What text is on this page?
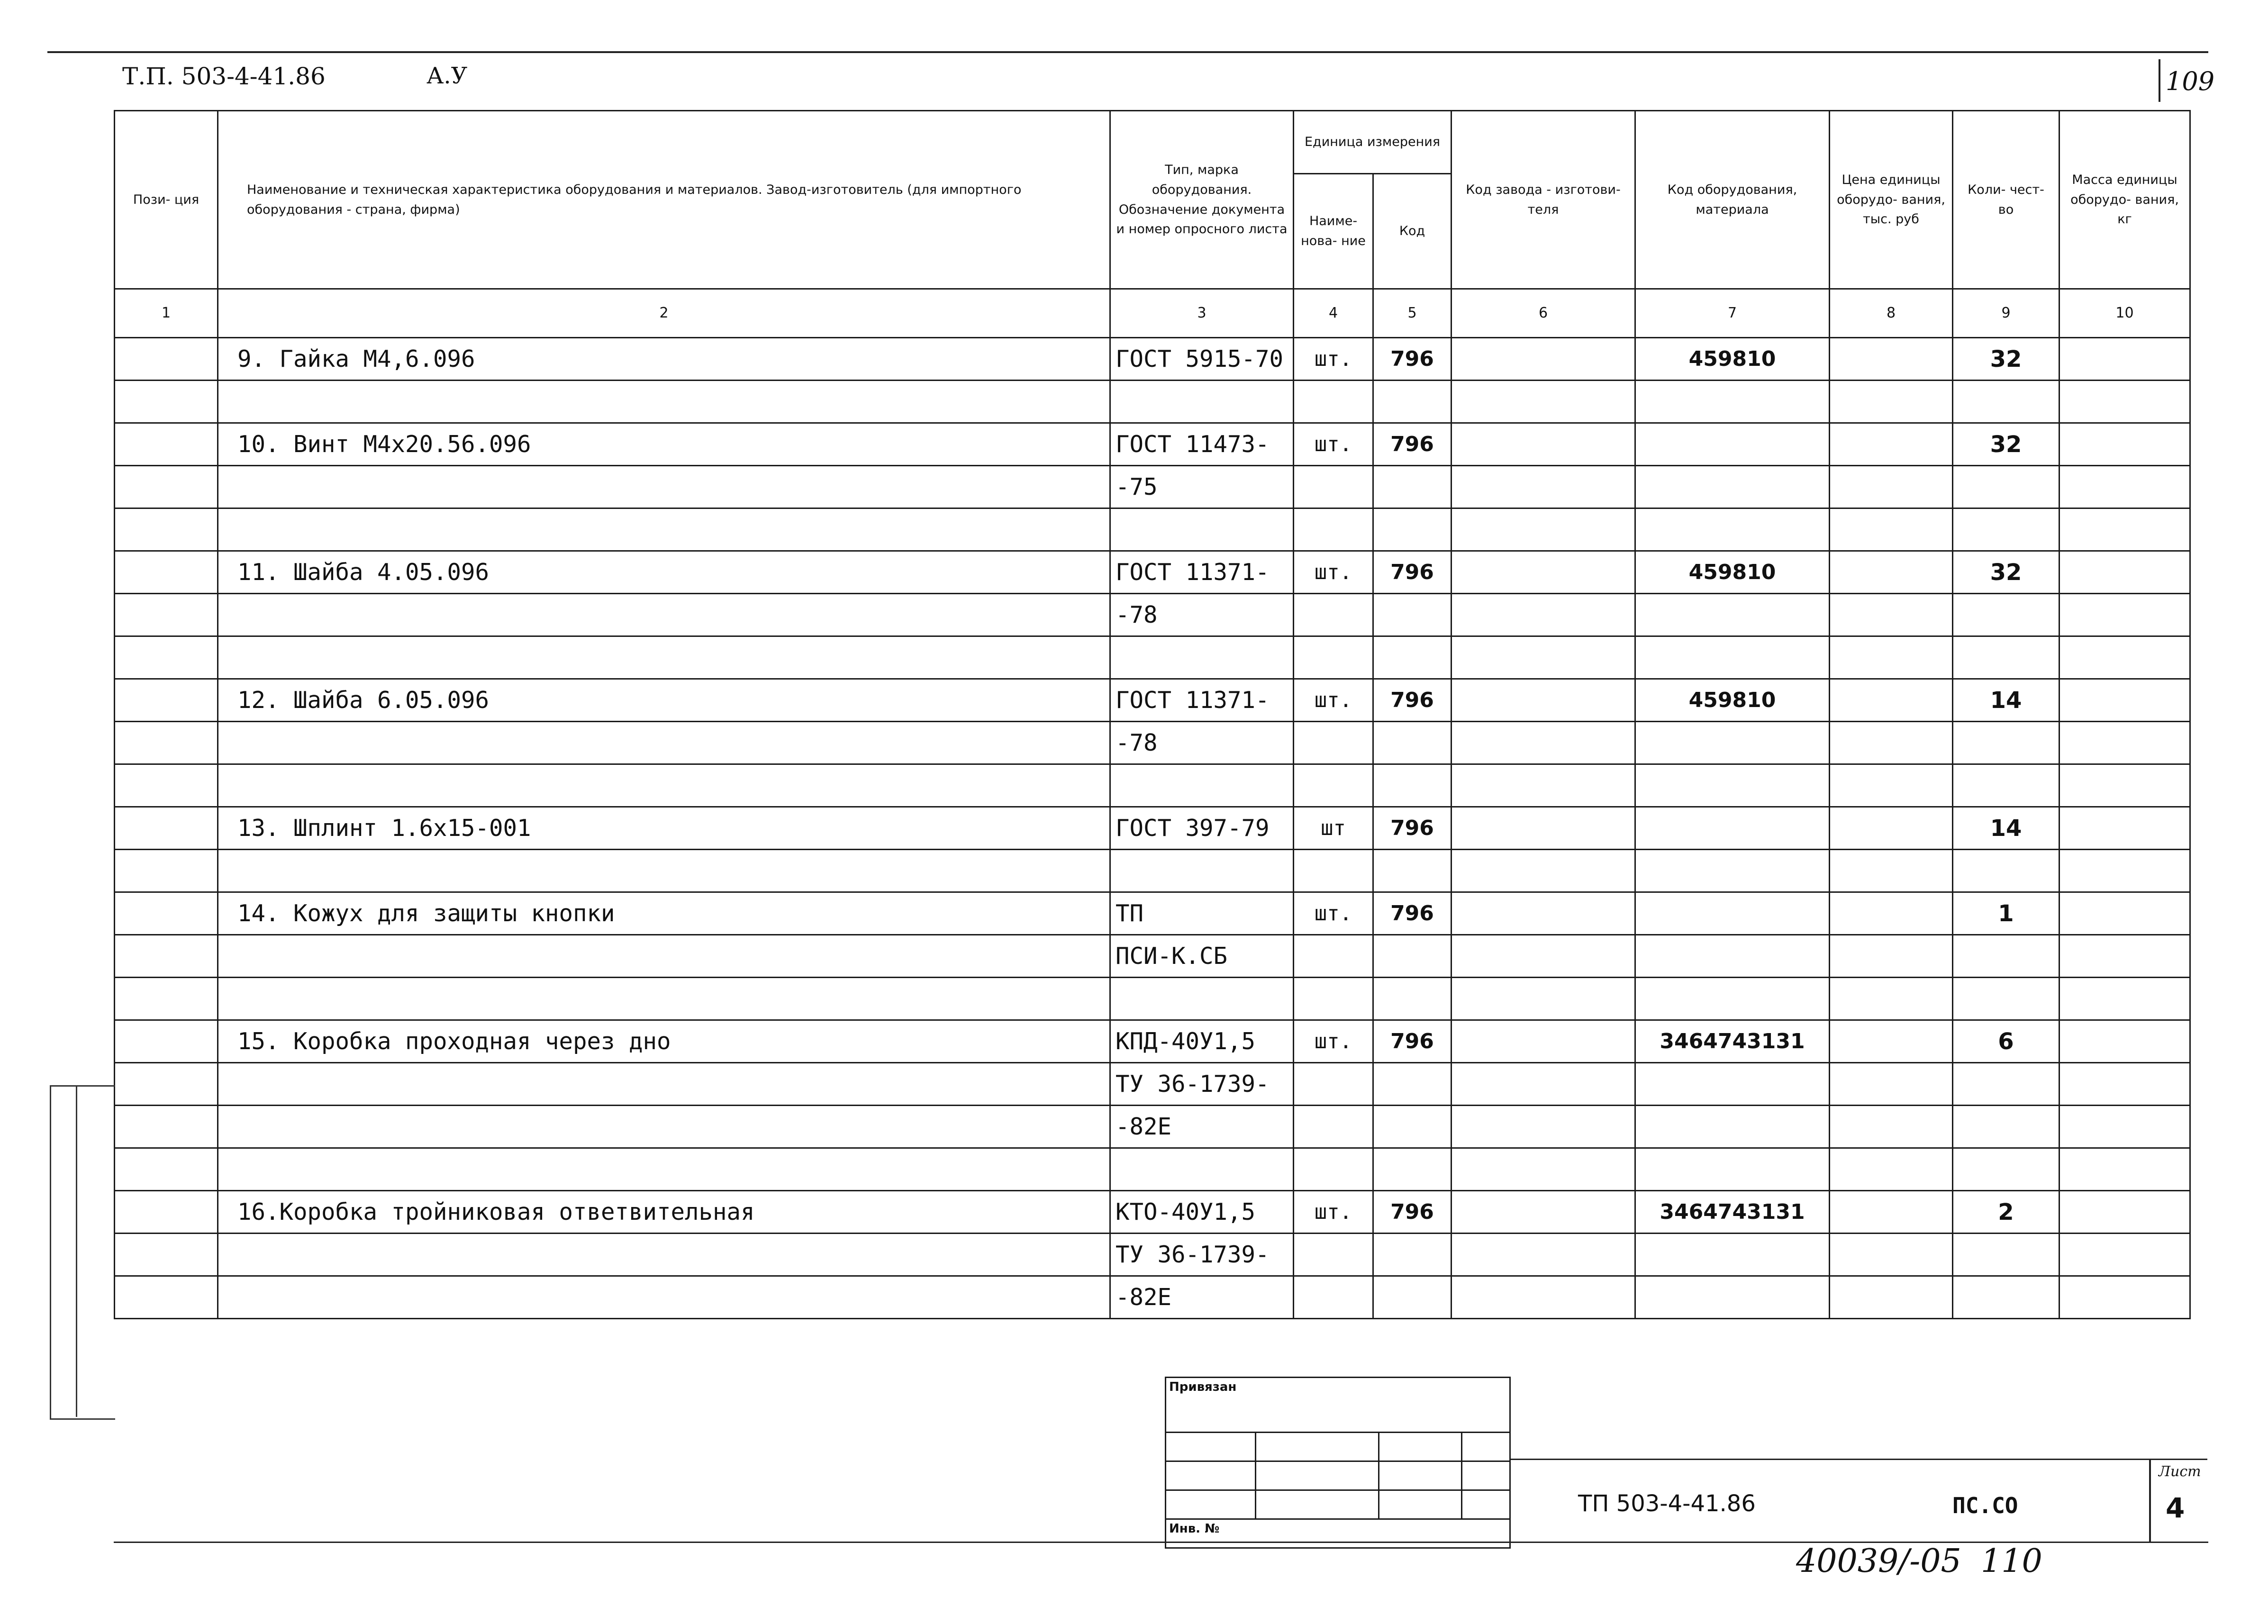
Т.П. 503-4-41.86	А.У	109
Пози- ция	Наименование и техническая характеристика оборудования и материалов. Завод-изготовитель (для импортного оборудования - страна, фирма)	Тип, марка оборудования. Обозначение документа и номер опросного листа	Единица измерения		Код завода - изготови- теля	Код оборудования, материала	Цена единицы оборудо- вания, тыс. руб	Коли- чест- во	Масса единицы оборудо- вания, кг
			Наиме- нова- ние	Код					
1	2	3	4	5	6	7	8	9	10
	9. Гайка М4,6.096	ГОСТ 5915-70	шт.	796		459810		32	

	10. Винт М4х20.56.096	ГОСТ 11473-	шт.	796				32	
		-75							

	11. Шайба 4.05.096	ГОСТ 11371-	шт.	796		459810		32	
		-78							

	12. Шайба 6.05.096	ГОСТ 11371-	шт.	796		459810		14	
		-78							

	13. Шплинт 1.6х15-001	ГОСТ 397-79	шт	796				14	

	14. Кожух для защиты кнопки	ТП	шт.	796				1	
		ПСИ-К.СБ							

	15. Коробка проходная через дно	КПД-40У1,5	шт.	796		3464743131		6	
		ТУ 36-1739-							
		-82Е							

	16.Коробка тройниковая ответвительная	КТО-40У1,5	шт.	796		3464743131		2	
		ТУ 36-1739-							
		-82Е							
Привязан			

Инв. №			
ТП 503-4-41.86	ПС.СО
Лист
4
40039/-05 110
